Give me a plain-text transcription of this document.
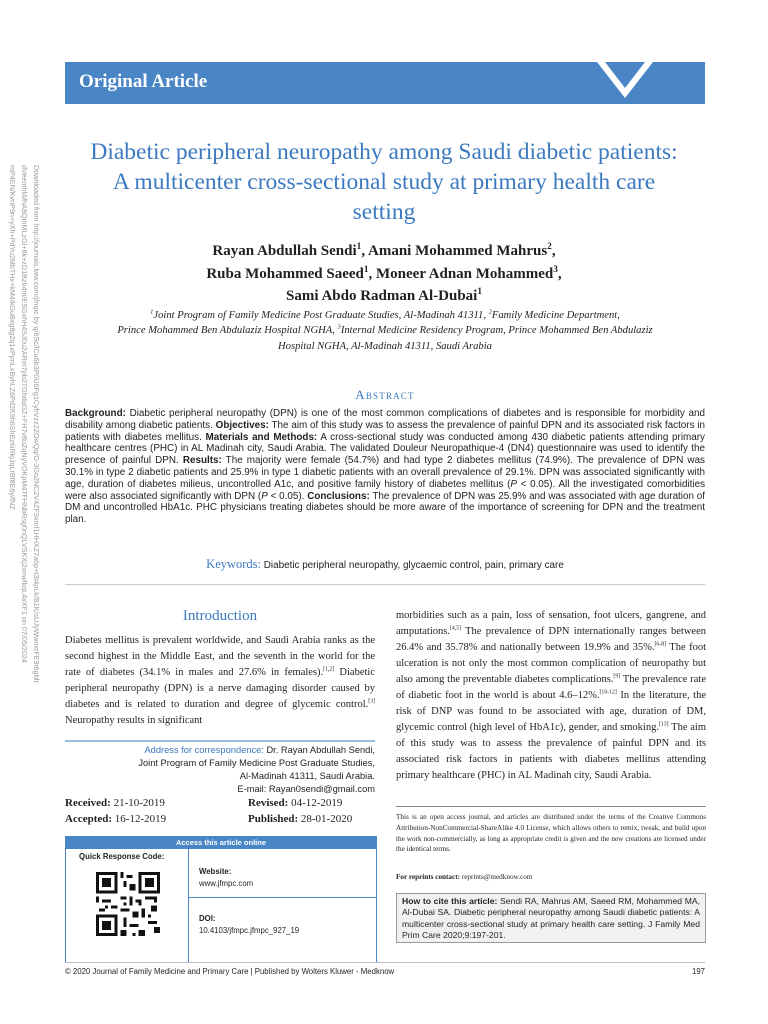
Downloaded from http://journals.lww.com/jfmpc by q/6Sc/lCu6b3P0U6Fg1CyhVzz2ZOwQq/G-3Go2NC2V4ZF3xmf1HHXZ7a6p+t3t4pLk/B1K/sUJyWwnxrFE9t6gMt
dVeemhfAfhA8QmMLzGl+8k+zD1Bzb4m/ESGxhH4SJ0u2ARm7pb2TGhdqGZ+FH7v8uZqNyVOKpM47FHNbRsg0nQLVSKXj2xnwfkqL4xXF1 on 07/05/2024
mP4EN/KvnP9n+yXh+PdYu2MbTHx+kM4IkGuBxg8g2q1xPpnLxByhLZ6Pd2K9h6ShEz6iRkjJqLrBf8E6y/fNZ
Original Article
Diabetic peripheral neuropathy among Saudi diabetic patients: A multicenter cross-sectional study at primary health care setting
Rayan Abdullah Sendi$^1$, Amani Mohammed Mahrus$^2$,
Ruba Mohammed Saeed$^1$, Moneer Adnan Mohammed$^3$,
Sami Abdo Radman Al-Dubai$^1$
$^1$Joint Program of Family Medicine Post Graduate Studies, Al-Madinah 41311, $^2$Family Medicine Department,
Prince Mohammed Ben Abdulaziz Hospital NGHA, $^3$Internal Medicine Residency Program, Prince Mohammed Ben Abdulaziz
Hospital NGHA, Al-Madinah 41311, Saudi Arabia
Abstract
Background: Diabetic peripheral neuropathy (DPN) is one of the most common complications of diabetes and is responsible for morbidity and disability among diabetic patients. Objectives: The aim of this study was to assess the prevalence of painful DPN and its associated risk factors in patients with diabetes mellitus. Materials and Methods: A cross-sectional study was conducted among 430 diabetic patients attending primary healthcare centres (PHC) in AL Madinah city, Saudi Arabia. The validated Douleur Neuropathique-4 (DN4) questionnaire was used to identify the presence of painful DPN. Results: The majority were female (54.7%) and had type 2 diabetes mellitus (74.9%). The prevalence of DPN was 30.1% in type 2 diabetic patients and 25.9% in type 1 diabetic patients with an overall prevalence of 29.1%. DPN was associated significantly with age, duration of diabetes milieus, uncontrolled A1c, and positive family history of diabetes mellitus (P < 0.05). All the investigated comorbidities were also associated significantly with DPN (P < 0.05). Conclusions: The prevalence of DPN was 25.9% and was associated with age duration of DM and uncontrolled HbA1c. PHC physicians treating diabetes should be more aware of the importance of screening for DPN and the treatment plan.
Keywords: Diabetic peripheral neuropathy, glycaemic control, pain, primary care
Introduction
Diabetes mellitus is prevalent worldwide, and Saudi Arabia ranks as the second highest in the Middle East, and the seventh in the world for the rate of diabetes (34.1% in males and 27.6% in females).[1,2] Diabetic peripheral neuropathy (DPN) is a nerve damaging disorder caused by diabetes and is related to duration and degree of glycemic control.[3] Neuropathy results in significant
morbidities such as a pain, loss of sensation, foot ulcers, gangrene, and amputations.[4,5] The prevalence of DPN internationally ranges between 26.4% and 35.78% and nationally between 19.9% and 35%.[6-8] The foot ulceration is not only the most common complication of neuropathy but also among the preventable diabetes complications.[9] The prevalence rate of diabetic foot in the world is about 4.6–12%.[10-12] In the literature, the risk of DNP was found to be associated with age, duration of DM, glycemic control (high level of HbA1c), gender, and smoking.[13] The aim of this study was to assess the prevalence of painful DPN and its associated risk factors in patients with diabetes mellitus attending primary healthcare (PHC) in AL Madinah city, Saudi Arabia.
Address for correspondence: Dr. Rayan Abdullah Sendi,
Joint Program of Family Medicine Post Graduate Studies,
Al-Madinah 41311, Saudi Arabia.
E-mail: Rayan0sendi@gmail.com
Received: 21-10-2019	Revised: 04-12-2019
Accepted: 16-12-2019	Published: 28-01-2020
Access this article online
Quick Response Code:
Website:
www.jfmpc.com
DOI:
10.4103/jfmpc.jfmpc_927_19
This is an open access journal, and articles are distributed under the terms of the Creative Commons Attribution-NonCommercial-ShareAlike 4.0 License, which allows others to remix, tweak, and build upon the work non-commercially, as long as appropriate credit is given and the new creations are licensed under the identical terms.
For reprints contact: reprints@medknow.com
How to cite this article: Sendi RA, Mahrus AM, Saeed RM, Mohammed MA, Al-Dubai SA. Diabetic peripheral neuropathy among Saudi diabetic patients: A multicenter cross-sectional study at primary health care setting. J Family Med Prim Care 2020;9:197-201.
© 2020 Journal of Family Medicine and Primary Care | Published by Wolters Kluwer - Medknow	197
